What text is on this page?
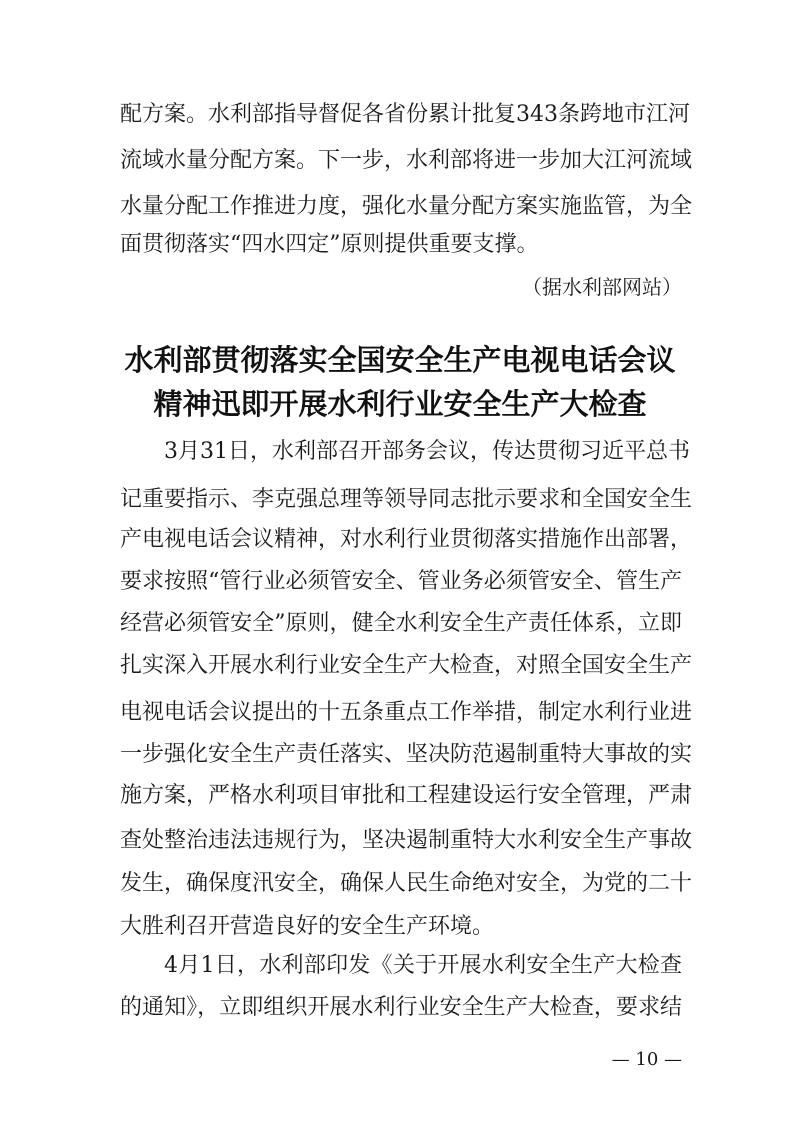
配方案。水利部指导督促各省份累计批复343条跨地市江河
流域水量分配方案。下一步，水利部将进一步加大江河流域
水量分配工作推进力度，强化水量分配方案实施监管，为全
面贯彻落实“四水四定”原则提供重要支撑。
（据水利部网站）
水利部贯彻落实全国安全生产电视电话会议
精神迅即开展水利行业安全生产大检查
3月31日，水利部召开部务会议，传达贯彻习近平总书
记重要指示、李克强总理等领导同志批示要求和全国安全生
产电视电话会议精神，对水利行业贯彻落实措施作出部署，
要求按照“管行业必须管安全、管业务必须管安全、管生产
经营必须管安全”原则，健全水利安全生产责任体系，立即
扎实深入开展水利行业安全生产大检查，对照全国安全生产
电视电话会议提出的十五条重点工作举措，制定水利行业进
一步强化安全生产责任落实、坚决防范遏制重特大事故的实
施方案，严格水利项目审批和工程建设运行安全管理，严肃
查处整治违法违规行为，坚决遏制重特大水利安全生产事故
发生，确保度汛安全，确保人民生命绝对安全，为党的二十
大胜利召开营造良好的安全生产环境。
4月1日，水利部印发《关于开展水利安全生产大检查
的通知》，立即组织开展水利行业安全生产大检查，要求结
— 10 —
